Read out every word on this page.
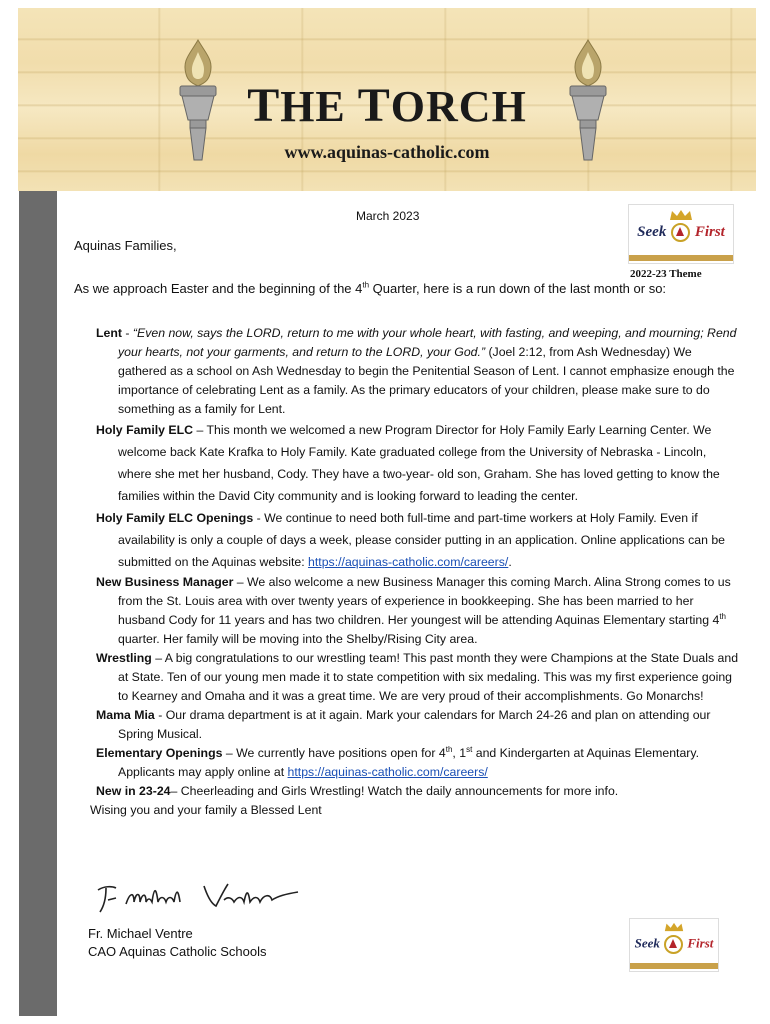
THE TORCH
www.aquinas-catholic.com
March 2023
Seek First
2022-23 Theme
Aquinas Families,
As we approach Easter and the beginning of the 4th Quarter, here is a run down of the last month or so:

Lent - “Even now, says the LORD, return to me with your whole heart, with fasting, and weeping, and mourning; Rend your hearts, not your garments, and return to the LORD, your God.” (Joel 2:12, from Ash Wednesday) We gathered as a school on Ash Wednesday to begin the Penitential Season of Lent. I cannot emphasize enough the importance of celebrating Lent as a family. As the primary educators of your children, please make sure to do something as a family for Lent.

Holy Family ELC – This month we welcomed a new Program Director for Holy Family Early Learning Center. We welcome back Kate Krafka to Holy Family. Kate graduated college from the University of Nebraska - Lincoln, where she met her husband, Cody. They have a two-year- old son, Graham. She has loved getting to know the families within the David City community and is looking forward to leading the center.

Holy Family ELC Openings - We continue to need both full-time and part-time workers at Holy Family. Even if availability is only a couple of days a week, please consider putting in an application. Online applications can be submitted on the Aquinas website: https://aquinas-catholic.com/careers/.

New Business Manager – We also welcome a new Business Manager this coming March. Alina Strong comes to us from the St. Louis area with over twenty years of experience in bookkeeping. She has been married to her husband Cody for 11 years and has two children. Her youngest will be attending Aquinas Elementary starting 4th quarter. Her family will be moving into the Shelby/Rising City area.

Wrestling – A big congratulations to our wrestling team! This past month they were Champions at the State Duals and at State. Ten of our young men made it to state competition with six medaling. This was my first experience going to Kearney and Omaha and it was a great time. We are very proud of their accomplishments. Go Monarchs!

Mama Mia - Our drama department is at it again. Mark your calendars for March 24-26 and plan on attending our Spring Musical.

Elementary Openings – We currently have positions open for 4th, 1st and Kindergarten at Aquinas Elementary. Applicants may apply online at https://aquinas-catholic.com/careers/

New in 23-24– Cheerleading and Girls Wrestling! Watch the daily announcements for more info.

Wising you and your family a Blessed Lent

Fr. Michael Ventre
CAO Aquinas Catholic Schools
Seek First
